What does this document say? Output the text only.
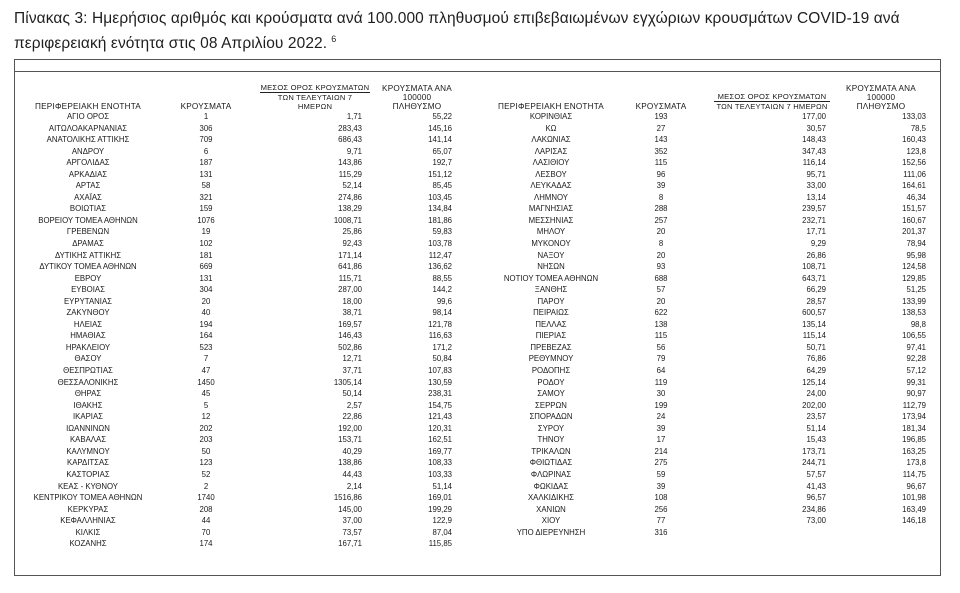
Πίνακας 3: Ημερήσιος αριθμός και κρούσματα ανά 100.000 πληθυσμού επιβεβαιωμένων εγχώριων κρουσμάτων COVID-19 ανά περιφερειακή ενότητα στις 08 Απριλίου 2022. $^6$
ΠΕΡΙΦΕΡΕΙΑΚΗ ΕΝΟΤΗΤΑ	ΚΡΟΥΣΜΑΤΑ
ΜΕΣΟΣ ΟΡΟΣ ΚΡΟΥΣΜΑΤΩΝ
ΤΩΝ ΤΕΛΕΥΤΑΙΩΝ 7 ΗΜΕΡΩΝ
ΚΡΟΥΣΜΑΤΑ ΑΝΑ 100000
ΠΛΗΘΥΣΜΟ
ΑΓΙΟ ΟΡΟΣ	1	1,71	55,22
ΑΙΤΩΛΟΑΚΑΡΝΑΝΙΑΣ	306	283,43	145,16
ΑΝΑΤΟΛΙΚΗΣ ΑΤΤΙΚΗΣ	709	686,43	141,14
ΑΝΔΡΟΥ	6	9,71	65,07
ΑΡΓΟΛΙΔΑΣ	187	143,86	192,7
ΑΡΚΑΔΙΑΣ	131	115,29	151,12
ΑΡΤΑΣ	58	52,14	85,45
ΑΧΑΪΑΣ	321	274,86	103,45
ΒΟΙΩΤΙΑΣ	159	138,29	134,84
ΒΟΡΕΙΟΥ ΤΟΜΕΑ ΑΘΗΝΩΝ	1076	1008,71	181,86
ΓΡΕΒΕΝΩΝ	19	25,86	59,83
ΔΡΑΜΑΣ	102	92,43	103,78
ΔΥΤΙΚΗΣ ΑΤΤΙΚΗΣ	181	171,14	112,47
ΔΥΤΙΚΟΥ ΤΟΜΕΑ ΑΘΗΝΩΝ	669	641,86	136,62
ΕΒΡΟΥ	131	115,71	88,55
ΕΥΒΟΙΑΣ	304	287,00	144,2
ΕΥΡΥΤΑΝΙΑΣ	20	18,00	99,6
ΖΑΚΥΝΘΟΥ	40	38,71	98,14
ΗΛΕΙΑΣ	194	169,57	121,78
ΗΜΑΘΙΑΣ	164	146,43	116,63
ΗΡΑΚΛΕΙΟΥ	523	502,86	171,2
ΘΑΣΟΥ	7	12,71	50,84
ΘΕΣΠΡΩΤΙΑΣ	47	37,71	107,83
ΘΕΣΣΑΛΟΝΙΚΗΣ	1450	1305,14	130,59
ΘΗΡΑΣ	45	50,14	238,31
ΙΘΑΚΗΣ	5	2,57	154,75
ΙΚΑΡΙΑΣ	12	22,86	121,43
ΙΩΑΝΝΙΝΩΝ	202	192,00	120,31
ΚΑΒΑΛΑΣ	203	153,71	162,51
ΚΑΛΥΜΝΟΥ	50	40,29	169,77
ΚΑΡΔΙΤΣΑΣ	123	138,86	108,33
ΚΑΣΤΟΡΙΑΣ	52	44,43	103,33
ΚΕΑΣ - ΚΥΘΝΟΥ	2	2,14	51,14
ΚΕΝΤΡΙΚΟΥ ΤΟΜΕΑ ΑΘΗΝΩΝ	1740	1516,86	169,01
ΚΕΡΚΥΡΑΣ	208	145,00	199,29
ΚΕΦΑΛΛΗΝΙΑΣ	44	37,00	122,9
ΚΙΛΚΙΣ	70	73,57	87,04
ΚΟΖΑΝΗΣ	174	167,71	115,85
ΠΕΡΙΦΕΡΕΙΑΚΗ ΕΝΟΤΗΤΑ	ΚΡΟΥΣΜΑΤΑ
ΜΕΣΟΣ ΟΡΟΣ ΚΡΟΥΣΜΑΤΩΝ
ΤΩΝ ΤΕΛΕΥΤΑΙΩΝ 7 ΗΜΕΡΩΝ
ΚΡΟΥΣΜΑΤΑ ΑΝΑ 100000
ΠΛΗΘΥΣΜΟ
ΚΟΡΙΝΘΙΑΣ	193	177,00	133,03
ΚΩ	27	30,57	78,5
ΛΑΚΩΝΙΑΣ	143	148,43	160,43
ΛΑΡΙΣΑΣ	352	347,43	123,8
ΛΑΣΙΘΙΟΥ	115	116,14	152,56
ΛΕΣΒΟΥ	96	95,71	111,06
ΛΕΥΚΑΔΑΣ	39	33,00	164,61
ΛΗΜΝΟΥ	8	13,14	46,34
ΜΑΓΝΗΣΙΑΣ	288	239,57	151,57
ΜΕΣΣΗΝΙΑΣ	257	232,71	160,67
ΜΗΛΟΥ	20	17,71	201,37
ΜΥΚΟΝΟΥ	8	9,29	78,94
ΝΑΞΟΥ	20	26,86	95,98
ΝΗΣΩΝ	93	108,71	124,58
ΝΟΤΙΟΥ ΤΟΜΕΑ ΑΘΗΝΩΝ	688	643,71	129,85
ΞΑΝΘΗΣ	57	66,29	51,25
ΠΑΡΟΥ	20	28,57	133,99
ΠΕΙΡΑΙΩΣ	622	600,57	138,53
ΠΕΛΛΑΣ	138	135,14	98,8
ΠΙΕΡΙΑΣ	115	115,14	106,55
ΠΡΕΒΕΖΑΣ	56	50,71	97,41
ΡΕΘΥΜΝΟΥ	79	76,86	92,28
ΡΟΔΟΠΗΣ	64	64,29	57,12
ΡΟΔΟΥ	119	125,14	99,31
ΣΑΜΟΥ	30	24,00	90,97
ΣΕΡΡΩΝ	199	202,00	112,79
ΣΠΟΡΑΔΩΝ	24	23,57	173,94
ΣΥΡΟΥ	39	51,14	181,34
ΤΗΝΟΥ	17	15,43	196,85
ΤΡΙΚΑΛΩΝ	214	173,71	163,25
ΦΘΙΩΤΙΔΑΣ	275	244,71	173,8
ΦΛΩΡΙΝΑΣ	59	57,57	114,75
ΦΩΚΙΔΑΣ	39	41,43	96,67
ΧΑΛΚΙΔΙΚΗΣ	108	96,57	101,98
ΧΑΝΙΩΝ	256	234,86	163,49
ΧΙΟΥ	77	73,00	146,18
ΥΠΟ ΔΙΕΡΕΥΝΗΣΗ	316
